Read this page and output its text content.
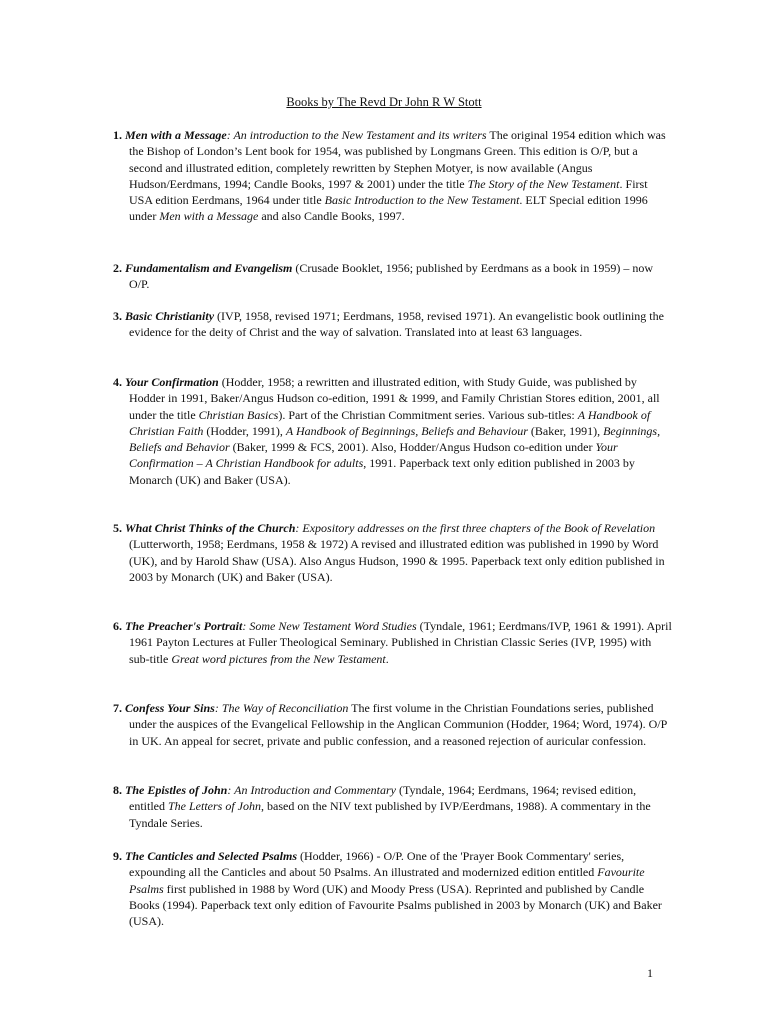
Books by The Revd Dr John R W Stott

1. Men with a Message: An introduction to the New Testament and its writers The original 1954 edition which was the Bishop of London’s Lent book for 1954, was published by Longmans Green. This edition is O/P, but a second and illustrated edition, completely rewritten by Stephen Motyer, is now available (Angus Hudson/Eerdmans, 1994; Candle Books, 1997 & 2001) under the title The Story of the New Testament. First USA edition Eerdmans, 1964 under title Basic Introduction to the New Testament. ELT Special edition 1996 under Men with a Message and also Candle Books, 1997.

2. Fundamentalism and Evangelism (Crusade Booklet, 1956; published by Eerdmans as a book in 1959) – now O/P.

3. Basic Christianity (IVP, 1958, revised 1971; Eerdmans, 1958, revised 1971). An evangelistic book outlining the evidence for the deity of Christ and the way of salvation. Translated into at least 63 languages.

4. Your Confirmation (Hodder, 1958; a rewritten and illustrated edition, with Study Guide, was published by Hodder in 1991, Baker/Angus Hudson co-edition, 1991 & 1999, and Family Christian Stores edition, 2001, all under the title Christian Basics). Part of the Christian Commitment series. Various sub-titles: A Handbook of Christian Faith (Hodder, 1991), A Handbook of Beginnings, Beliefs and Behaviour (Baker, 1991), Beginnings, Beliefs and Behavior (Baker, 1999 & FCS, 2001). Also, Hodder/Angus Hudson co-edition under Your Confirmation – A Christian Handbook for adults, 1991. Paperback text only edition published in 2003 by Monarch (UK) and Baker (USA).

5. What Christ Thinks of the Church: Expository addresses on the first three chapters of the Book of Revelation (Lutterworth, 1958; Eerdmans, 1958 & 1972) A revised and illustrated edition was published in 1990 by Word (UK), and by Harold Shaw (USA). Also Angus Hudson, 1990 & 1995. Paperback text only edition published in 2003 by Monarch (UK) and Baker (USA).

6. The Preacher's Portrait: Some New Testament Word Studies (Tyndale, 1961; Eerdmans/IVP, 1961 & 1991). April 1961 Payton Lectures at Fuller Theological Seminary. Published in Christian Classic Series (IVP, 1995) with sub-title Great word pictures from the New Testament.

7. Confess Your Sins: The Way of Reconciliation The first volume in the Christian Foundations series, published under the auspices of the Evangelical Fellowship in the Anglican Communion (Hodder, 1964; Word, 1974). O/P in UK. An appeal for secret, private and public confession, and a reasoned rejection of auricular confession.

8. The Epistles of John: An Introduction and Commentary (Tyndale, 1964; Eerdmans, 1964; revised edition, entitled The Letters of John, based on the NIV text published by IVP/Eerdmans, 1988). A commentary in the Tyndale Series.

9. The Canticles and Selected Psalms (Hodder, 1966) - O/P. One of the 'Prayer Book Commentary' series, expounding all the Canticles and about 50 Psalms. An illustrated and modernized edition entitled Favourite Psalms first published in 1988 by Word (UK) and Moody Press (USA). Reprinted and published by Candle Books (1994). Paperback text only edition of Favourite Psalms published in 2003 by Monarch (UK) and Baker (USA).

1
